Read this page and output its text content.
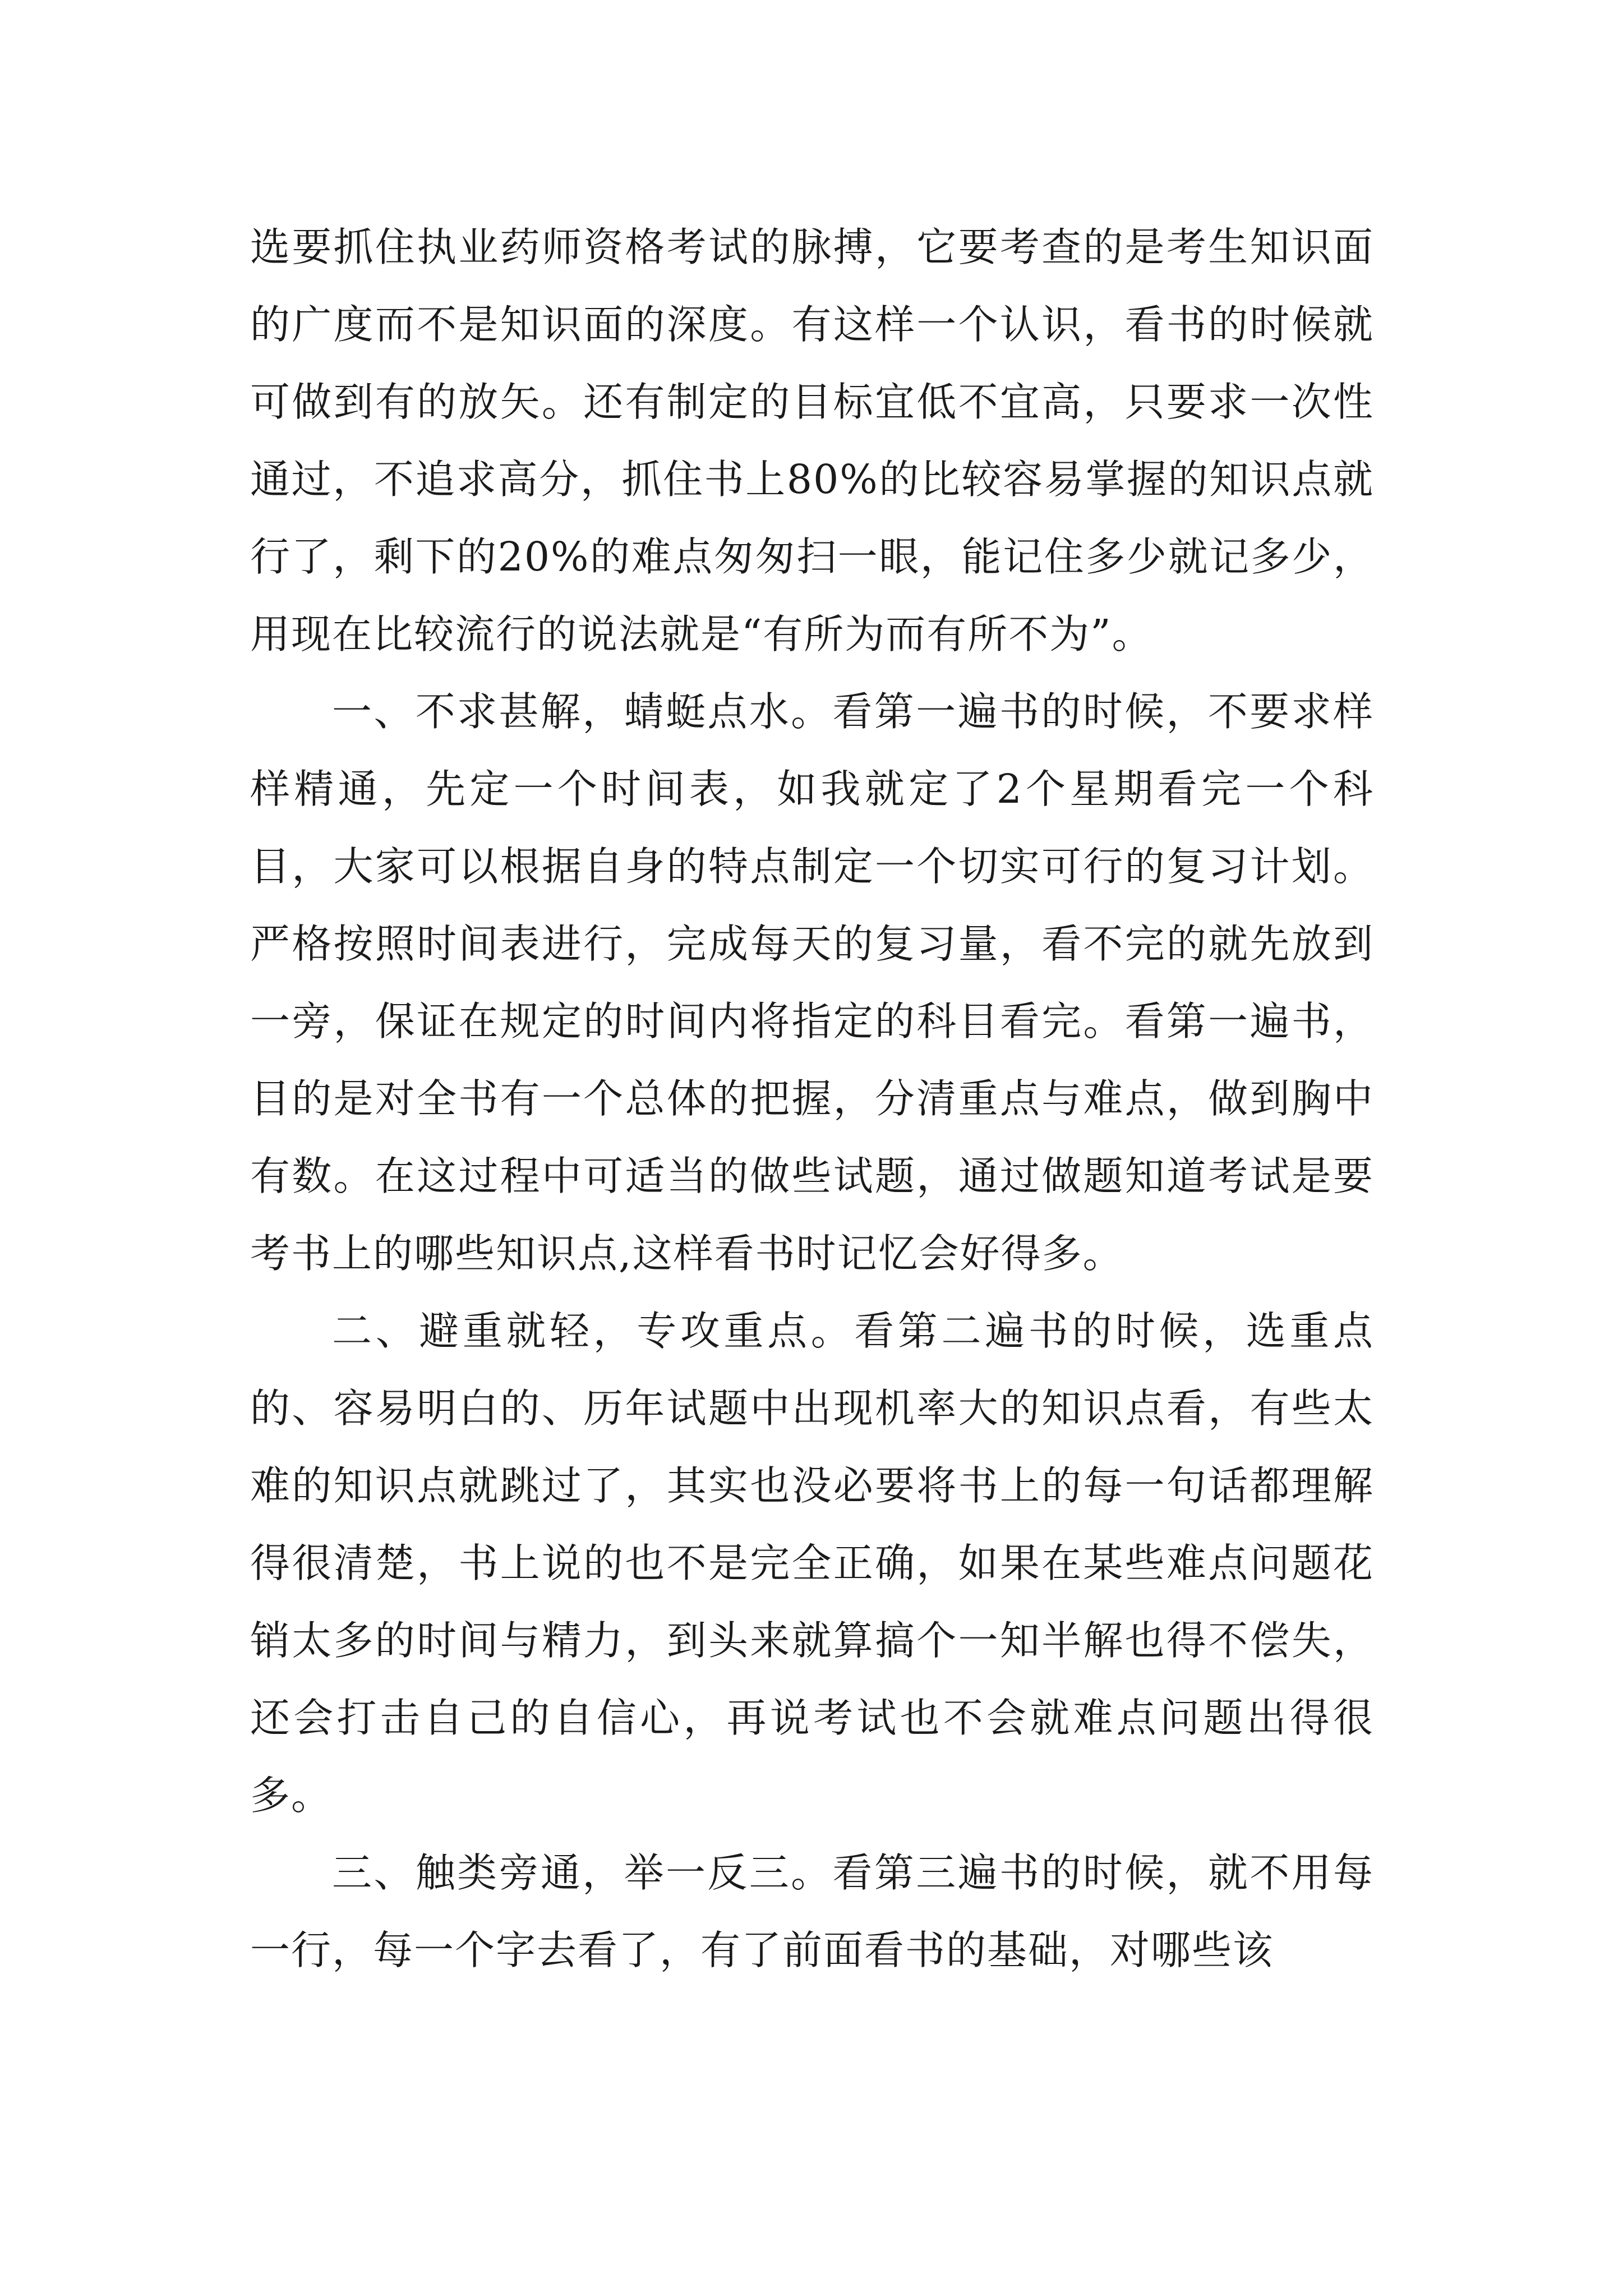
选要抓住执业药师资格考试的脉搏，它要考查的是考生知识面的广度而不是知识面的深度。有这样一个认识，看书的时候就可做到有的放矢。还有制定的目标宜低不宜高，只要求一次性通过，不追求高分，抓住书上80%的比较容易掌握的知识点就行了，剩下的20%的难点匆匆扫一眼，能记住多少就记多少，用现在比较流行的说法就是“有所为而有所不为”。

一、不求甚解，蜻蜓点水。看第一遍书的时候，不要求样样精通，先定一个时间表，如我就定了2个星期看完一个科目，大家可以根据自身的特点制定一个切实可行的复习计划。严格按照时间表进行，完成每天的复习量，看不完的就先放到一旁，保证在规定的时间内将指定的科目看完。看第一遍书，目的是对全书有一个总体的把握，分清重点与难点，做到胸中有数。在这过程中可适当的做些试题，通过做题知道考试是要考书上的哪些知识点,这样看书时记忆会好得多。

二、避重就轻，专攻重点。看第二遍书的时候，选重点的、容易明白的、历年试题中出现机率大的知识点看，有些太难的知识点就跳过了，其实也没必要将书上的每一句话都理解得很清楚，书上说的也不是完全正确，如果在某些难点问题花销太多的时间与精力，到头来就算搞个一知半解也得不偿失，还会打击自己的自信心，再说考试也不会就难点问题出得很多。

三、触类旁通，举一反三。看第三遍书的时候，就不用每一行，每一个字去看了，有了前面看书的基础，对哪些该
